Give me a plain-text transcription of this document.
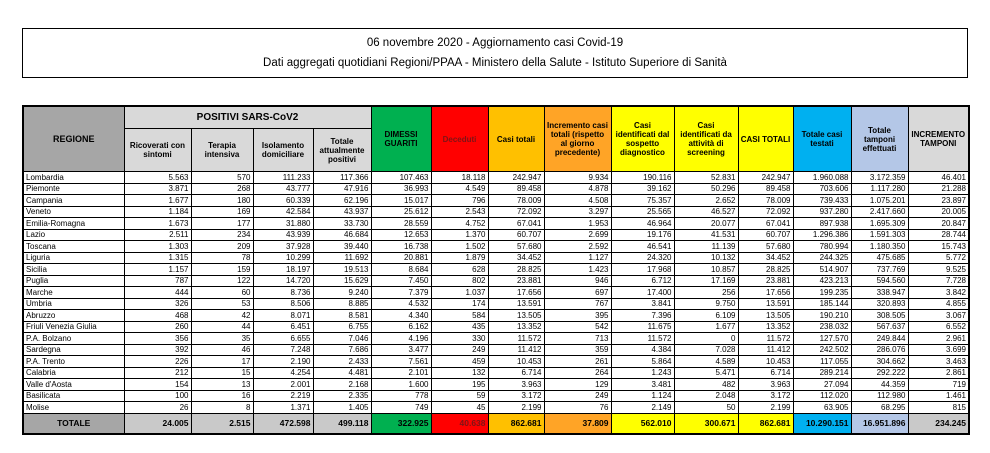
06 novembre 2020 - Aggiornamento casi Covid-19
Dati aggregati quotidiani Regioni/PPAA - Ministero della Salute - Istituto Superiore di Sanità
REGIONE	POSITIVI SARS-CoV2				DIMESSI GUARITI	Deceduti	Casi totali	Incremento casi totali (rispetto al giorno precedente)	Casi identificati dal sospetto diagnostico	Casi identificati da attività di screening	CASI TOTALI	Totale casi testati	Totale tamponi effettuati	INCREMENTO TAMPONI
	Ricoverati con sintomi	Terapia intensiva	Isolamento domiciliare	Totale attualmente positivi										
Lombardia	5.563	570	111.233	117.366	107.463	18.118	242.947	9.934	190.116	52.831	242.947	1.960.088	3.172.359	46.401
Piemonte	3.871	268	43.777	47.916	36.993	4.549	89.458	4.878	39.162	50.296	89.458	703.606	1.117.280	21.288
Campania	1.677	180	60.339	62.196	15.017	796	78.009	4.508	75.357	2.652	78.009	739.433	1.075.201	23.897
Veneto	1.184	169	42.584	43.937	25.612	2.543	72.092	3.297	25.565	46.527	72.092	937.280	2.417.660	20.005
Emilia-Romagna	1.673	177	31.880	33.730	28.559	4.752	67.041	1.953	46.964	20.077	67.041	897.938	1.695.309	20.847
Lazio	2.511	234	43.939	46.684	12.653	1.370	60.707	2.699	19.176	41.531	60.707	1.296.386	1.591.303	28.744
Toscana	1.303	209	37.928	39.440	16.738	1.502	57.680	2.592	46.541	11.139	57.680	780.994	1.180.350	15.743
Liguria	1.315	78	10.299	11.692	20.881	1.879	34.452	1.127	24.320	10.132	34.452	244.325	475.685	5.772
Sicilia	1.157	159	18.197	19.513	8.684	628	28.825	1.423	17.968	10.857	28.825	514.907	737.769	9.525
Puglia	787	122	14.720	15.629	7.450	802	23.881	946	6.712	17.169	23.881	423.213	594.560	7.728
Marche	444	60	8.736	9.240	7.379	1.037	17.656	697	17.400	256	17.656	199.235	338.947	3.842
Umbria	326	53	8.506	8.885	4.532	174	13.591	767	3.841	9.750	13.591	185.144	320.893	4.855
Abruzzo	468	42	8.071	8.581	4.340	584	13.505	395	7.396	6.109	13.505	190.210	308.505	3.067
Friuli Venezia Giulia	260	44	6.451	6.755	6.162	435	13.352	542	11.675	1.677	13.352	238.032	567.637	6.552
P.A. Bolzano	356	35	6.655	7.046	4.196	330	11.572	713	11.572	0	11.572	127.570	249.844	2.961
Sardegna	392	46	7.248	7.686	3.477	249	11.412	359	4.384	7.028	11.412	242.502	286.076	3.699
P.A. Trento	226	17	2.190	2.433	7.561	459	10.453	261	5.864	4.589	10.453	117.055	304.662	3.463
Calabria	212	15	4.254	4.481	2.101	132	6.714	264	1.243	5.471	6.714	289.214	292.222	2.861
Valle d'Aosta	154	13	2.001	2.168	1.600	195	3.963	129	3.481	482	3.963	27.094	44.359	719
Basilicata	100	16	2.219	2.335	778	59	3.172	249	1.124	2.048	3.172	112.020	112.980	1.461
Molise	26	8	1.371	1.405	749	45	2.199	76	2.149	50	2.199	63.905	68.295	815
TOTALE	24.005	2.515	472.598	499.118	322.925	40.638	862.681	37.809	562.010	300.671	862.681	10.290.151	16.951.896	234.245
